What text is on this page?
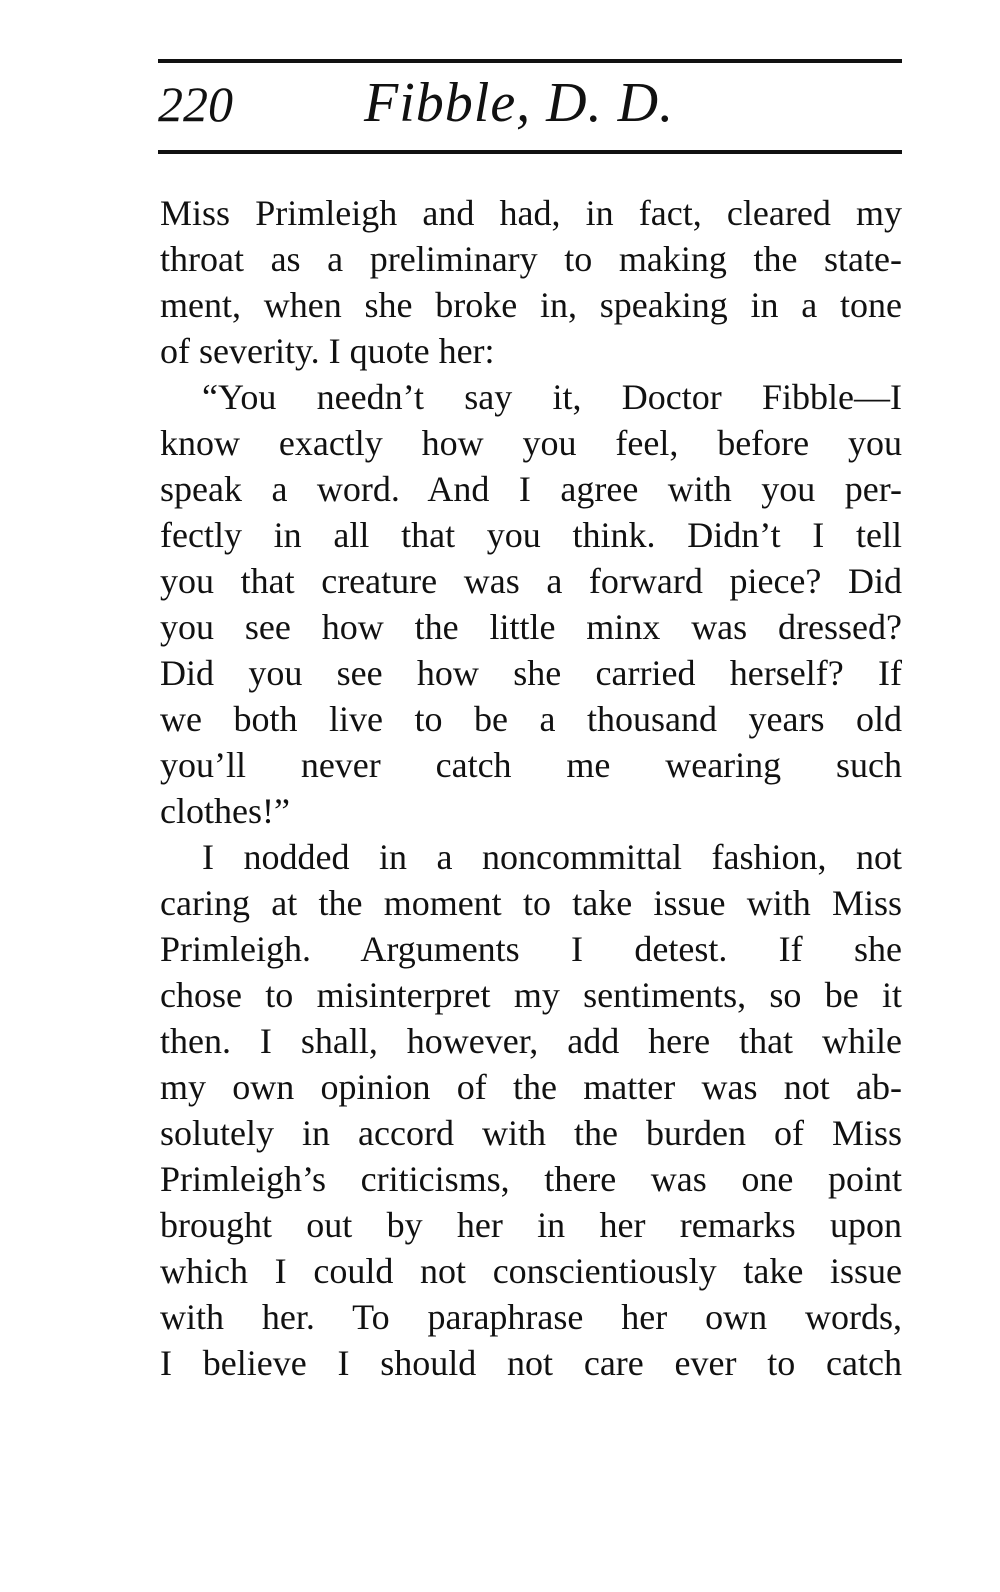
220 Fibble, D. D.
Miss Primleigh and had, in fact, cleared my
throat as a preliminary to making the state-
ment, when she broke in, speaking in a tone
of severity. I quote her:
“You needn’t say it, Doctor Fibble—I
know exactly how you feel, before you
speak a word. And I agree with you per-
fectly in all that you think. Didn’t I tell
you that creature was a forward piece? Did
you see how the little minx was dressed?
Did you see how she carried herself? If
we both live to be a thousand years old
you’ll never catch me wearing such
clothes!”
I nodded in a noncommittal fashion, not
caring at the moment to take issue with Miss
Primleigh. Arguments I detest. If she
chose to misinterpret my sentiments, so be it
then. I shall, however, add here that while
my own opinion of the matter was not ab-
solutely in accord with the burden of Miss
Primleigh’s criticisms, there was one point
brought out by her in her remarks upon
which I could not conscientiously take issue
with her. To paraphrase her own words,
I believe I should not care ever to catch
